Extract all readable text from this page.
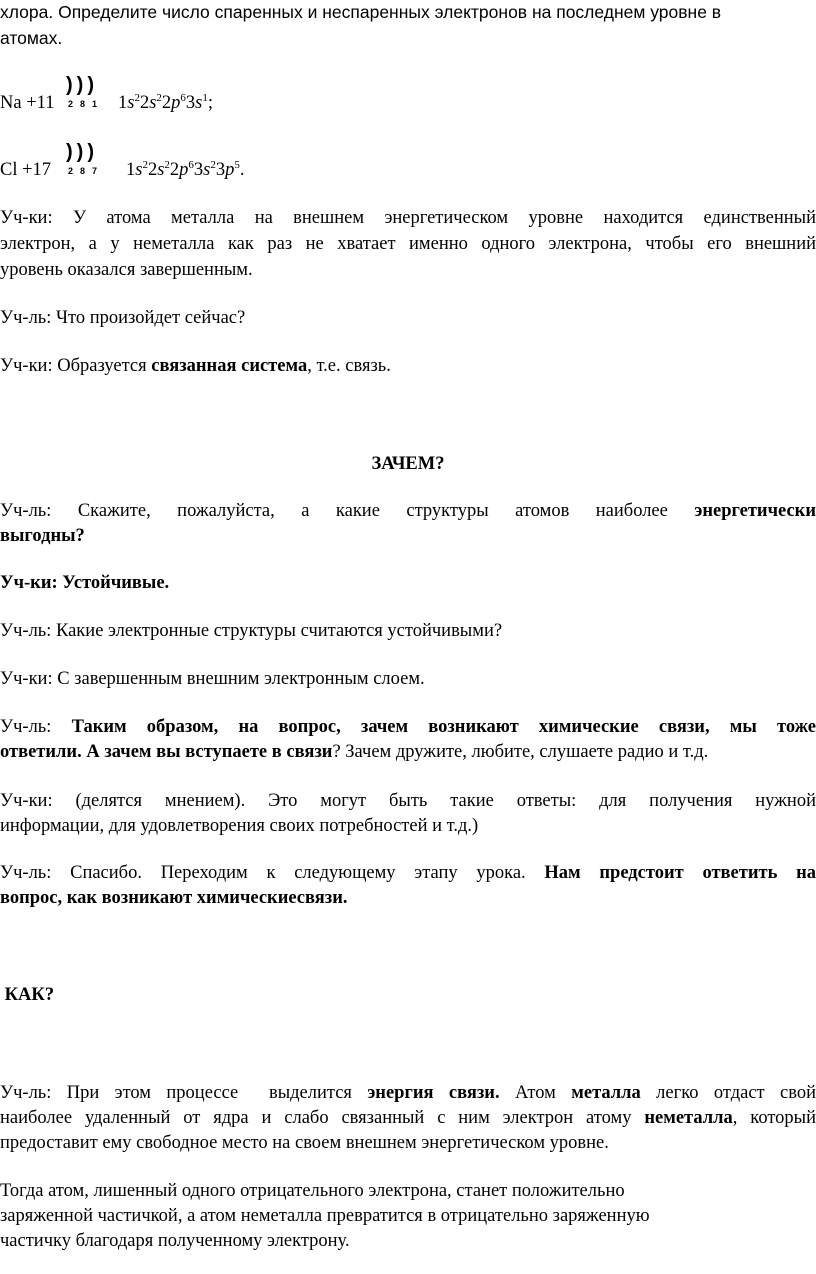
хлора. Определите число спаренных и неспаренных электронов на последнем уровне в
атомах.
Na +11
)))
281 $1s^22s^22p^63s^1$;
Cl +17
)))
287 $1s^22s^22p^63s^23p^5$.
Уч-ки: У атома металла на внешнем энергетическом уровне находится единственный
электрон, а у неметалла как раз не хватает именно одного электрона, чтобы его внешний
уровень оказался завершенным.
Уч-ль: Что произойдет сейчас?
Уч-ки: Образуется связанная система, т.е. связь.
ЗАЧЕМ?
Уч-ль: Скажите, пожалуйста, а какие структуры атомов наиболее энергетически
выгодны?
Уч-ки: Устойчивые.
Уч-ль: Какие электронные структуры считаются устойчивыми?
Уч-ки: С завершенным внешним электронным слоем.
Уч-ль: Таким образом, на вопрос, зачем возникают химические связи, мы тоже
ответили. А зачем вы вступаете в связи? Зачем дружите, любите, слушаете радио и т.д.
Уч-ки: (делятся мнением). Это могут быть такие ответы: для получения нужной
информации, для удовлетворения своих потребностей и т.д.)
Уч-ль: Спасибо. Переходим к следующему этапу урока. Нам предстоит ответить на
вопрос, как возникают химическиесвязи.
КАК?
Уч-ль: При этом процессе  выделится энергия связи. Атом металла легко отдаст свой
наиболее удаленный от ядра и слабо связанный с ним электрон атому неметалла, который
предоставит ему свободное место на своем внешнем энергетическом уровне.
Тогда атом, лишенный одного отрицательного электрона, станет положительно
заряженной частичкой, а атом неметалла превратится в отрицательно заряженную
частичку благодаря полученному электрону.
